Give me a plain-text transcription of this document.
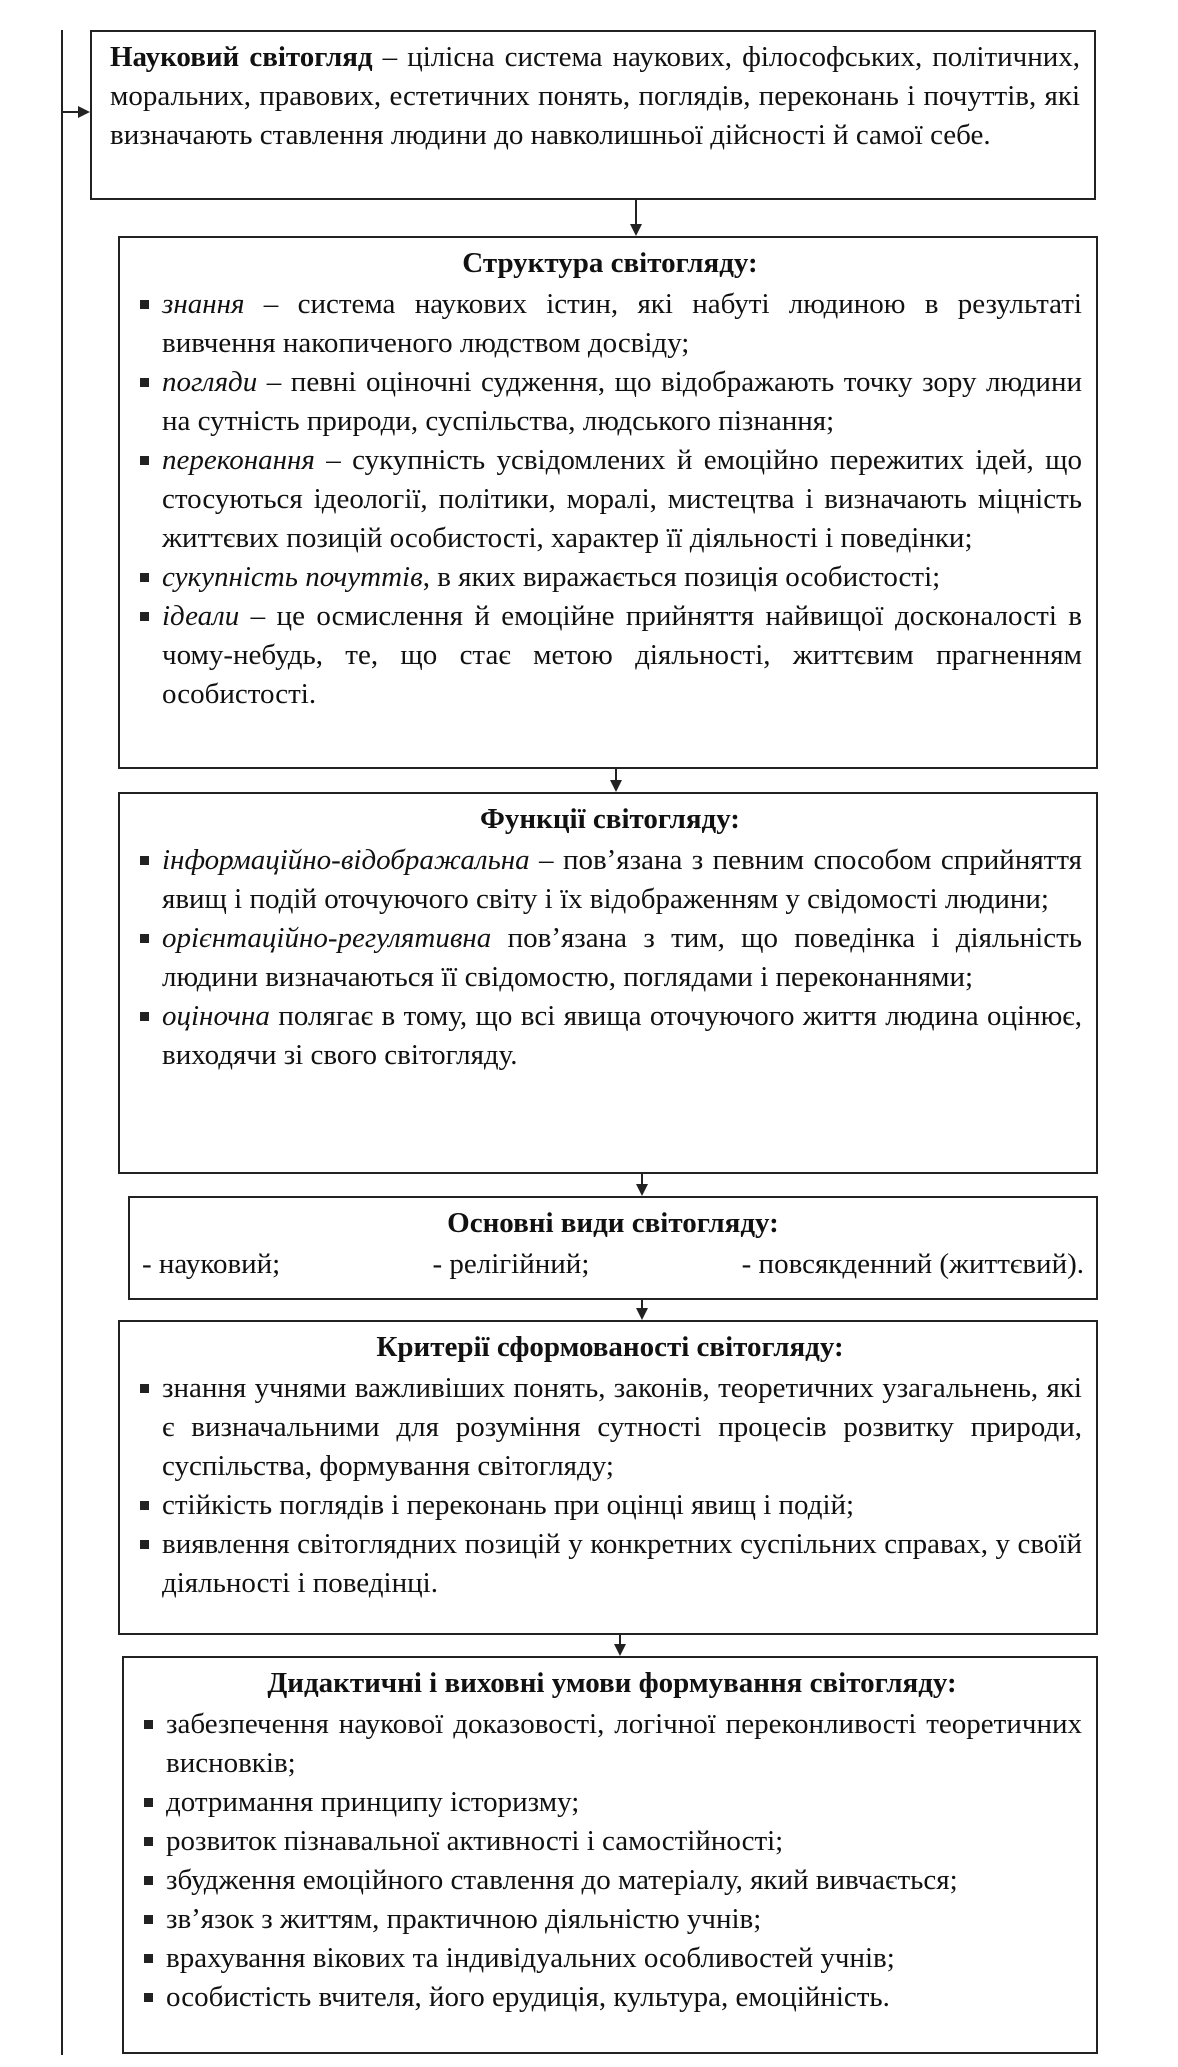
Науковий світогляд – цілісна система наукових, філософських, політичних, моральних, правових, естетичних понять, поглядів, переконань і почуттів, які визначають ставлення людини до навколишньої дійсності й самої себе.

Структура світогляду:
знання – система наукових істин, які набуті людиною в результаті вивчення накопиченого людством досвіду;
погляди – певні оціночні судження, що відображають точку зору людини на сутність природи, суспільства, людського пізнання;
переконання – сукупність усвідомлених й емоційно пережитих ідей, що стосуються ідеології, політики, моралі, мистецтва і визначають міцність життєвих позицій особистості, характер її діяльності і поведінки;
сукупність почуттів, в яких виражається позиція особистості;
ідеали – це осмислення й емоційне прийняття найвищої досконалості в чому-небудь, те, що стає метою діяльності, життєвим прагненням особистості.
Функції світогляду:
інформаційно-відображальна – пов’язана з певним способом сприйняття явищ і подій оточуючого світу і їх відображенням у свідомості людини;
орієнтаційно-регулятивна пов’язана з тим, що поведінка і діяльність людини визначаються її свідомостю, поглядами і переконаннями;
оціночна полягає в тому, що всі явища оточуючого життя людина оцінює, виходячи зі свого світогляду.
Основні види світогляду:
- науковий;	- релігійний;	- повсякденний (життєвий).
Критерії сформованості світогляду:
знання учнями важливіших понять, законів, теоретичних узагальнень, які є визначальними для розуміння сутності процесів розвитку природи, суспільства, формування світогляду;
стійкість поглядів і переконань при оцінці явищ і подій;
виявлення світоглядних позицій у конкретних суспільних справах, у своїй діяльності і поведінці.
Дидактичні і виховні умови формування світогляду:
забезпечення наукової доказовості, логічної переконливості теоретичних висновків;
дотримання принципу історизму;
розвиток пізнавальної активності і самостійності;
збудження емоційного ставлення до матеріалу, який вивчається;
зв’язок з життям, практичною діяльністю учнів;
врахування вікових та індивідуальних особливостей учнів;
особистість вчителя, його ерудиція, культура, емоційність.
